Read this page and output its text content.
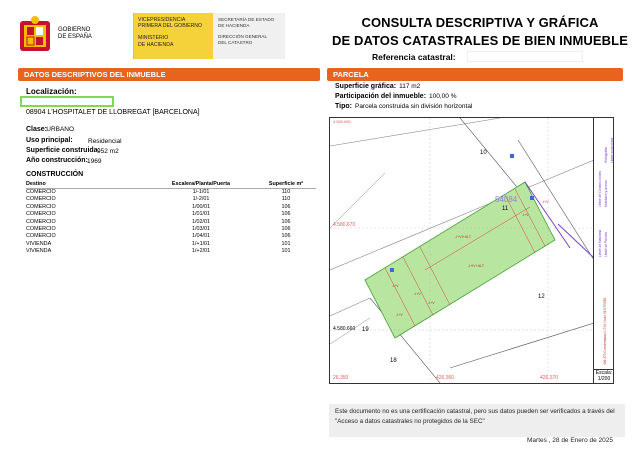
GOBIERNO
DE ESPAÑA
VICEPRESIDENCIA
PRIMERA DEL GOBIERNO
MINISTERIO
DE HACIENDA
SECRETARÍA DE ESTADO
DE HACIENDA
DIRECCIÓN GENERAL
DEL CATASTRO
CONSULTA DESCRIPTIVA Y GRÁFICA
DE DATOS CATASTRALES DE BIEN INMUEBLE
Referencia catastral:
DATOS DESCRIPTIVOS DEL INMUEBLE	PARCELA
Localización:
08904 L'HOSPITALET DE LLOBREGAT [BARCELONA]
Clase: URBANO
Uso principal: Residencial
Superficie construida:
952 m2
Año construcción: 1969
CONSTRUCCIÓN
Destino	Escalera/Planta/Puerta	Superficie m²
COMERCIO	1/-1/01	110
COMERCIO	1/-2/01	110
COMERCIO	1/00/01	106
COMERCIO	1/01/01	106
COMERCIO	1/02/01	106
COMERCIO	1/03/01	106
COMERCIO	1/04/01	106
VIVIENDA	1/+1/01	101
VIVIENDA	1/+2/01	101
Superficie gráfica: 117 m2
Participación del inmueble: 100,00 %
Tipo: Parcela construida sin división horizontal
10
11
12
18
19
54084
4.580.670
4.580.660
26.350	426.360	426.370
4.580.680
-I+IV+ALT
-I+VI+ALT
-I+V
-I+V
-I+V
-I+V
-I+V
-I+V
426.370 Coordenadas U.T.M. Huso 31 ETRS89
Límite de Manzana Límite de Parcela
Límite de Construcciones Mobiliario y aceras
Límite zona verde
Hidrografía
Escala:
1/200
Este documento no es una certificación catastral, pero sus datos pueden ser verificados a través del "Acceso a datos catastrales no protegidos de la SEC"
Martes , 28 de Enero de 2025
